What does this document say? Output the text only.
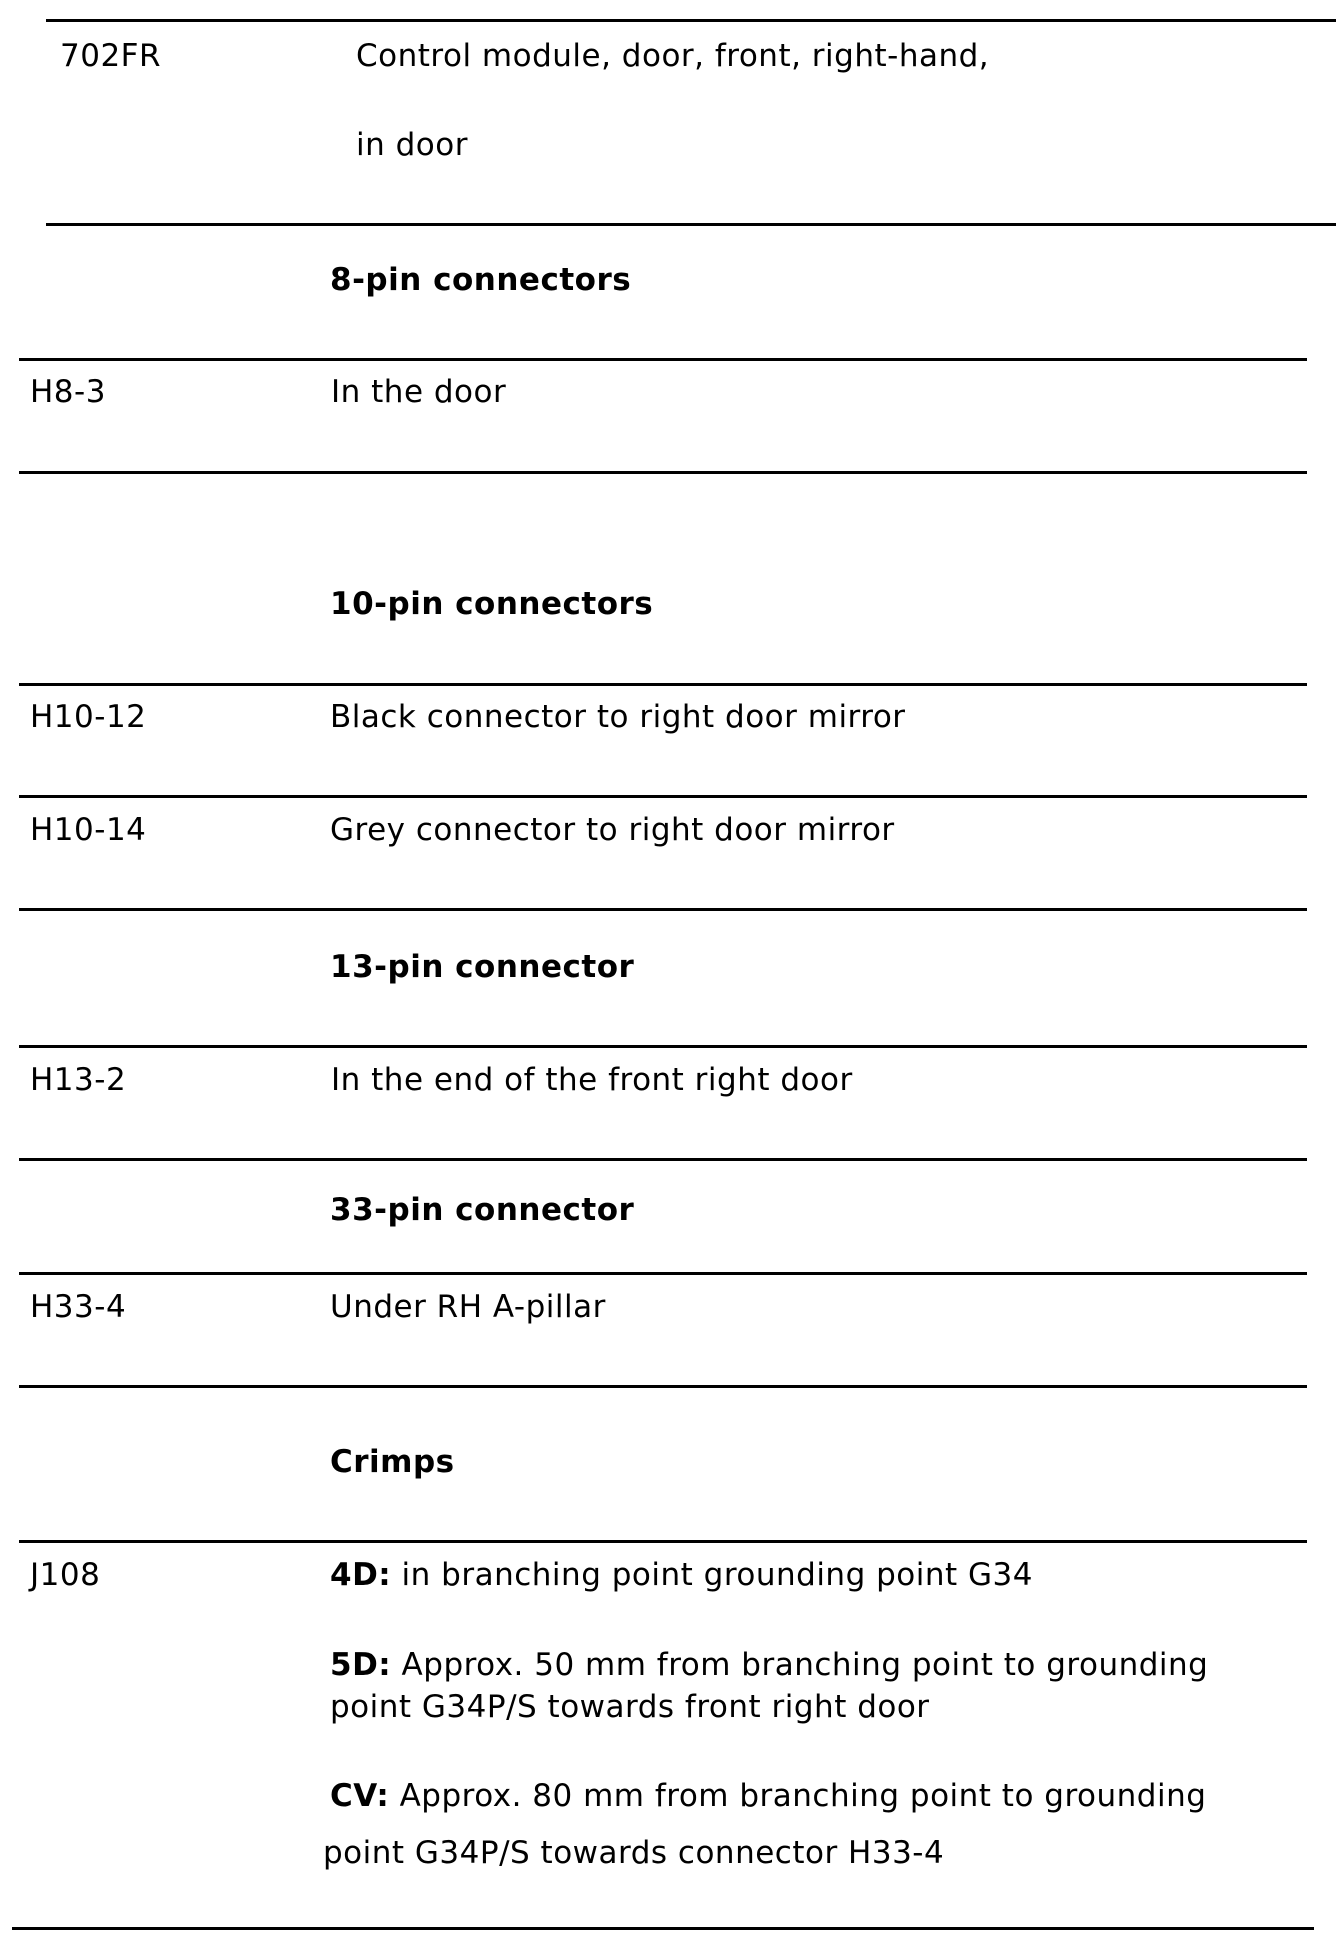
702FR	Control module, door, front, right-hand,
in door
8-pin connectors
H8-3	In the door
10-pin connectors
H10-12	Black connector to right door mirror
H10-14	Grey connector to right door mirror
13-pin connector
H13-2	In the end of the front right door
33-pin connector
H33-4	Under RH A-pillar
Crimps
J108	4D: in branching point grounding point G34
5D: Approx. 50 mm from branching point to grounding
point G34P/S towards front right door
CV: Approx. 80 mm from branching point to grounding
point G34P/S towards connector H33-4
